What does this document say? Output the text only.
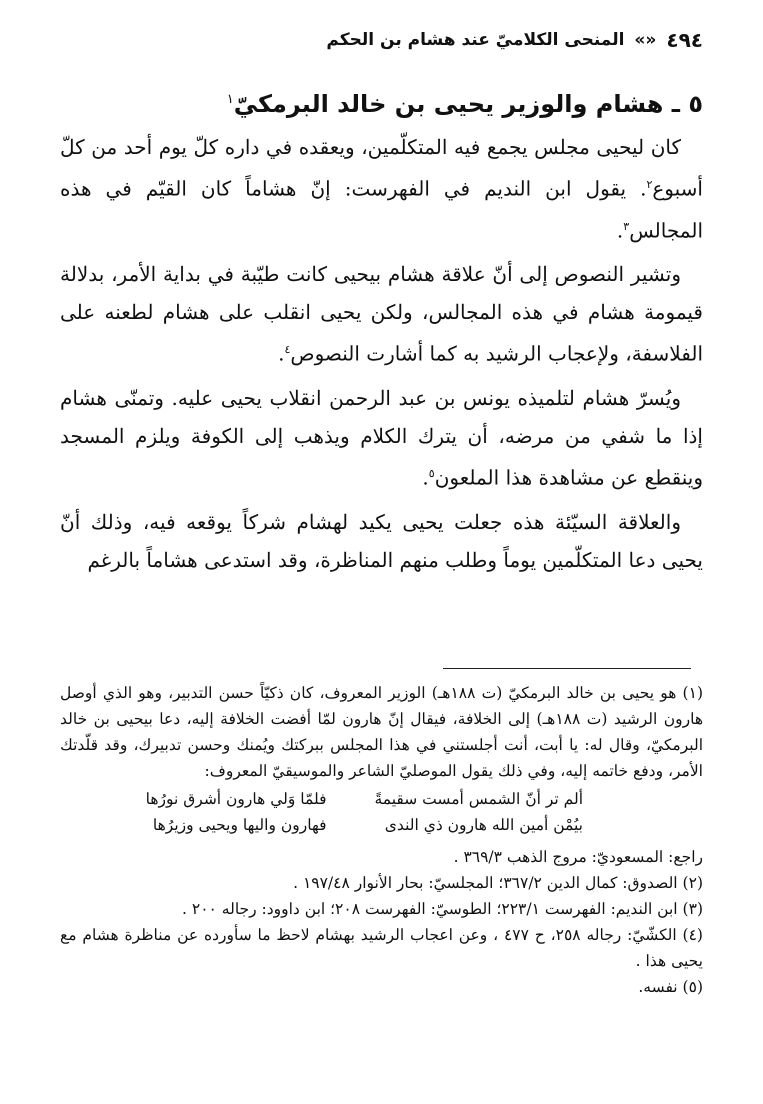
٤٩٤
«»
المنحى الكلاميّ عند هشام بن الحكم
٥ ـ هشام والوزير يحيى بن خالد البرمكيّ$^١$

كان ليحيى مجلس يجمع فيه المتكلّمين، ويعقده في داره كلّ يوم أحد من كلّ أسبوع$^٢$. يقول ابن النديم في الفهرست: إنّ هشاماً كان القيّم في هذه المجالس$^٣$.

وتشير النصوص إلى أنّ علاقة هشام بيحيى كانت طيّبة في بداية الأمر، بدلالة قيمومة هشام في هذه المجالس، ولكن يحيى انقلب على هشام لطعنه على الفلاسفة، ولإعجاب الرشيد به كما أشارت النصوص$^٤$.

ويُسرّ هشام لتلميذه يونس بن عبد الرحمن انقلاب يحيى عليه. وتمنّى هشام إذا ما شفي من مرضه، أن يترك الكلام ويذهب إلى الكوفة ويلزم المسجد وينقطع عن مشاهدة هذا الملعون$^٥$.

والعلاقة السيّئة هذه جعلت يحيى يكيد لهشام شركاً يوقعه فيه، وذلك أنّ يحيى دعا المتكلّمين يوماً وطلب منهم المناظرة، وقد استدعى هشاماً بالرغم

(١) هو يحيى بن خالد البرمكيّ (ت ١٨٨هـ) الوزير المعروف، كان ذكيّاً حسن التدبير، وهو الذي أوصل هارون الرشيد (ت ١٨٨هـ) إلى الخلافة، فيقال إنّ هارون لمّا أفضت الخلافة إليه، دعا بيحيى بن خالد البرمكيّ، وقال له: يا أبت، أنت أجلستني في هذا المجلس ببركتك ويُمنك وحسن تدبيرك، وقد قلّدتك الأمر، ودفع خاتمه إليه، وفي ذلك يقول الموصليّ الشاعر والموسيقيّ المعروف:

ألم تر أنّ الشمس أمست سقيمةً
فلمّا وَلي هارون أشرق نورُها
بيُمْن أمين الله هارون ذي الندى
فهارون واليها ويحيى وزيرُها

راجع: المسعوديّ: مروج الذهب ٣٦٩/٣ .

(٢) الصدوق: كمال الدين ٣٦٧/٢؛ المجلسيّ: بحار الأنوار ١٩٧/٤٨ .

(٣) ابن النديم: الفهرست ٢٢٣/١؛ الطوسيّ: الفهرست ٢٠٨؛ ابن داوود: رجاله ٢٠٠ .

(٤) الكشّيّ: رجاله ٢٥٨، ح ٤٧٧ ، وعن اعجاب الرشيد بهشام لاحظ ما سأورده عن مناظرة هشام مع يحيى هذا .

(٥) نفسه.
